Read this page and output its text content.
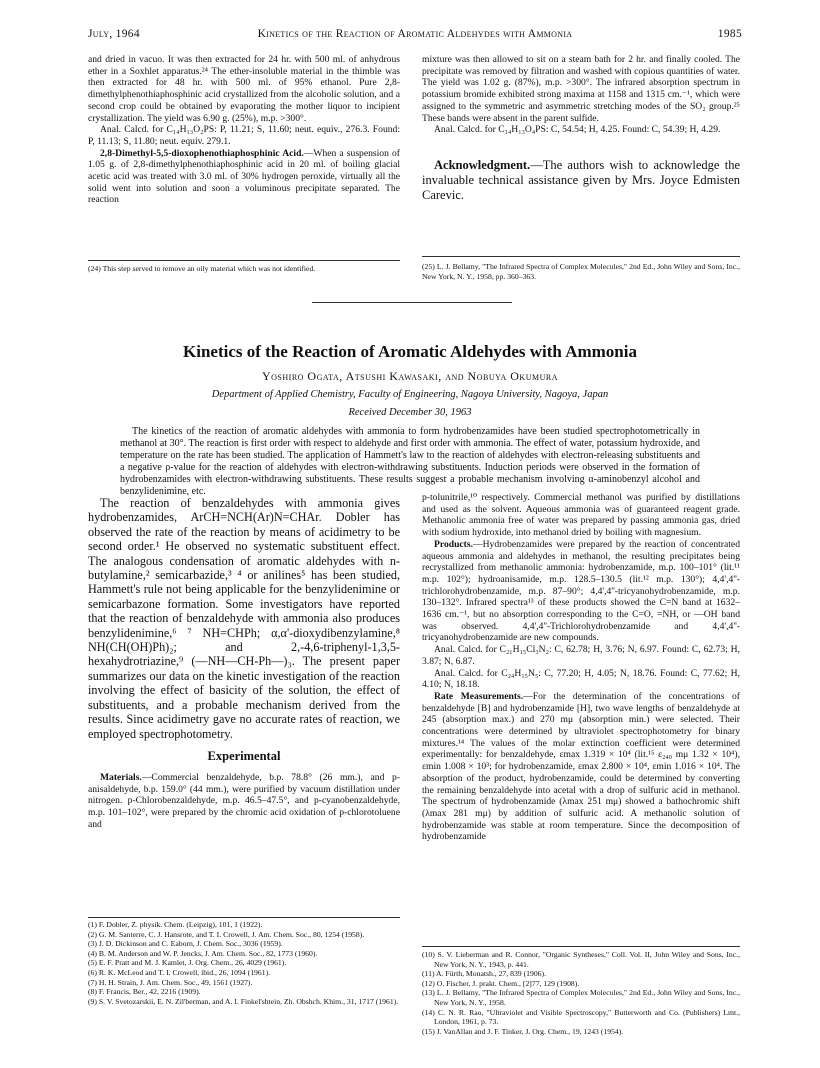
July, 1964	Kinetics of the Reaction of Aromatic Aldehydes with Ammonia	1985

and dried in vacuo. It was then extracted for 24 hr. with 500 ml. of anhydrous ether in a Soxhlet apparatus.²⁴ The ether-insoluble material in the thimble was then extracted for 48 hr. with 500 ml. of 95% ethanol. Pure 2,8-dimethylphenothiaphosphinic acid crystallized from the alcoholic solution, and a second crop could be obtained by evaporating the mother liquor to incipient crystallization. The yield was 6.90 g. (25%), m.p. >300°.

Anal. Calcd. for C₁₄H₁₃O₂PS: P, 11.21; S, 11.60; neut. equiv., 276.3. Found: P, 11.13; S, 11.80; neut. equiv. 279.1.

2,8-Dimethyl-5,5-dioxophenothiaphosphinic Acid.—When a suspension of 1.05 g. of 2,8-dimethylphenothiaphosphinic acid in 20 ml. of boiling glacial acetic acid was treated with 3.0 ml. of 30% hydrogen peroxide, virtually all the solid went into solution and soon a voluminous precipitate separated. The reaction

(24) This step served to remove an oily material which was not identified.

mixture was then allowed to sit on a steam bath for 2 hr. and finally cooled. The precipitate was removed by filtration and washed with copious quantities of water. The yield was 1.02 g. (87%), m.p. >300°. The infrared absorption spectrum in potassium bromide exhibited strong maxima at 1158 and 1315 cm.⁻¹, which were assigned to the symmetric and asymmetric stretching modes of the SO₂ group.²⁵ These bands were absent in the parent sulfide.

Anal. Calcd. for C₁₄H₁₃O₄PS: C, 54.54; H, 4.25. Found: C, 54.39; H, 4.29.

Acknowledgment.—The authors wish to acknowledge the invaluable technical assistance given by Mrs. Joyce Edmisten Carevic.
(25) L. J. Bellamy, "The Infrared Spectra of Complex Molecules," 2nd Ed., John Wiley and Sons, Inc., New York, N. Y., 1958, pp. 360–363.
Kinetics of the Reaction of Aromatic Aldehydes with Ammonia
Yoshiro Ogata, Atsushi Kawasaki, and Nobuya Okumura
Department of Applied Chemistry, Faculty of Engineering, Nagoya University, Nagoya, Japan
Received December 30, 1963
The kinetics of the reaction of aromatic aldehydes with ammonia to form hydrobenzamides have been studied spectrophotometrically in methanol at 30°. The reaction is first order with respect to aldehyde and first order with ammonia. The effect of water, potassium hydroxide, and temperature on the rate has been studied. The application of Hammett's law to the reaction of aldehydes with electron-releasing substituents and a negative ρ-value for the reaction of aldehydes with electron-withdrawing substituents. Induction periods were observed in the formation of hydrobenzamides with electron-withdrawing substituents. These results suggest a probable mechanism involving α-aminobenzyl alcohol and benzylidenimine, etc.

The reaction of benzaldehydes with ammonia gives hydrobenzamides, ArCH=NCH(Ar)N=CHAr. Dobler has observed the rate of the reaction by means of acidimetry to be second order.¹ He observed no systematic substituent effect. The analogous condensation of aromatic aldehydes with n-butylamine,² semicarbazide,³ ⁴ or anilines⁵ has been studied, Hammett's rule not being applicable for the benzylidenimine or semicarbazone formation. Some investigators have reported that the reaction of benzaldehyde with ammonia also produces benzylidenimine,⁶ ⁷ NH=CHPh; α,α'-dioxydibenzylamine,⁸ NH(CH(OH)Ph)₂; and 2,-4,6-triphenyl-1,3,5-hexahydrotriazine,⁹ (—NH—CH-Ph—)₃. The present paper summarizes our data on the kinetic investigation of the reaction involving the effect of basicity of the solution, the effect of substituents, and a probable mechanism derived from the results. Since acidimetry gave no accurate rates of reaction, we employed spectrophotometry.

Experimental

Materials.—Commercial benzaldehyde, b.p. 78.8° (26 mm.), and p-anisaldehyde, b.p. 159.0° (44 mm.), were purified by vacuum distillation under nitrogen. p-Chlorobenzaldehyde, m.p. 46.5–47.5°, and p-cyanobenzaldehyde, m.p. 101–102°, were prepared by the chromic acid oxidation of p-chlorotoluene and

(1) F. Dobler, Z. physik. Chem. (Leipzig), 101, 1 (1922).
(2) G. M. Santerre, C. J. Hansrote, and T. I. Crowell, J. Am. Chem. Soc., 80, 1254 (1958).
(3) J. D. Dickinson and C. Eaborn, J. Chem. Soc., 3036 (1959).
(4) B. M. Anderson and W. P. Jencks, J. Am. Chem. Soc., 82, 1773 (1960).
(5) E. F. Pratt and M. J. Kamlet, J. Org. Chem., 26, 4029 (1961).
(6) R. K. McLeod and T. I. Crowell, ibid., 26, 1094 (1961).
(7) H. H. Strain, J. Am. Chem. Soc., 49, 1561 (1927).
(8) F. Francis, Ber., 42, 2216 (1909).
(9) S. V. Svetozarskii, E. N. Zil'berman, and A. I. Finkel'shtein, Zh. Obshch. Khim., 31, 1717 (1961).

p-tolunitrile,¹⁰ respectively. Commercial methanol was purified by distillations and used as the solvent. Aqueous ammonia was of guaranteed reagent grade. Methanolic ammonia free of water was prepared by passing ammonia gas, dried with sodium hydroxide, into methanol dried by boiling with magnesium.

Products.—Hydrobenzamides were prepared by the reaction of concentrated aqueous ammonia and aldehydes in methanol, the resulting precipitates being recrystallized from methanolic ammonia: hydrobenzamide, m.p. 100–101° (lit.¹¹ m.p. 102°); hydroanisamide, m.p. 128.5–130.5 (lit.¹² m.p. 130°); 4,4',4''-trichlorohydrobenzamide, m.p. 87–90°; 4,4',4''-tricyanohydrobenzamide, m.p. 130–132°. Infrared spectra¹³ of these products showed the C=N band at 1632–1636 cm.⁻¹, but no absorption corresponding to the C=O, =NH, or —OH band was observed. 4,4',4''-Trichlorohydrobenzamide and 4,4',4''-tricyanohydrobenzamide are new compounds.

Anal. Calcd. for C₂₁H₁₅Cl₃N₂: C, 62.78; H, 3.76; N, 6.97. Found: C, 62.73; H, 3.87; N, 6.87.

Anal. Calcd. for C₂₄H₁₅N₅: C, 77.20; H, 4.05; N, 18.76. Found: C, 77.62; H, 4.10; N, 18.18.

Rate Measurements.—For the determination of the concentrations of benzaldehyde [B] and hydrobenzamide [H], two wave lengths of benzaldehyde at 245 (absorption max.) and 270 mμ (absorption min.) were selected. Their concentrations were determined by ultraviolet spectrophotometry for binary mixtures.¹⁴ The values of the molar extinction coefficient were determined experimentally: for benzaldehyde, εmax 1.319 × 10⁴ (lit.¹⁵ ε₂₄₀ mμ 1.32 × 10⁴), εmin 1.008 × 10³; for hydrobenzamide, εmax 2.800 × 10⁴, εmin 1.016 × 10⁴. The absorption of the product, hydrobenzamide, could be determined by converting the remaining benzaldehyde into acetal with a drop of sulfuric acid in methanol. The spectrum of hydrobenzamide (λmax 251 mμ) showed a bathochromic shift (λmax 281 mμ) by addition of sulfuric acid. A methanolic solution of hydrobenzamide was stable at room temperature. Since the decomposition of hydrobenzamide

(10) S. V. Lieberman and R. Connor, "Organic Syntheses," Coll. Vol. II, John Wiley and Sons, Inc., New York, N. Y., 1943, p. 441.
(11) A. Fürth, Monatsh., 27, 839 (1906).
(12) O. Fischer, J. prakt. Chem., [2]77, 129 (1908).
(13) L. J. Bellamy, "The Infrared Spectra of Complex Molecules," 2nd Ed., John Wiley and Sons, Inc., New York, N. Y., 1958.
(14) C. N. R. Rao, "Ultraviolet and Visible Spectroscopy," Butterworth and Co. (Publishers) Lmt., London, 1961, p. 73.
(15) J. VanAllan and J. F. Tinker, J. Org. Chem., 19, 1243 (1954).
